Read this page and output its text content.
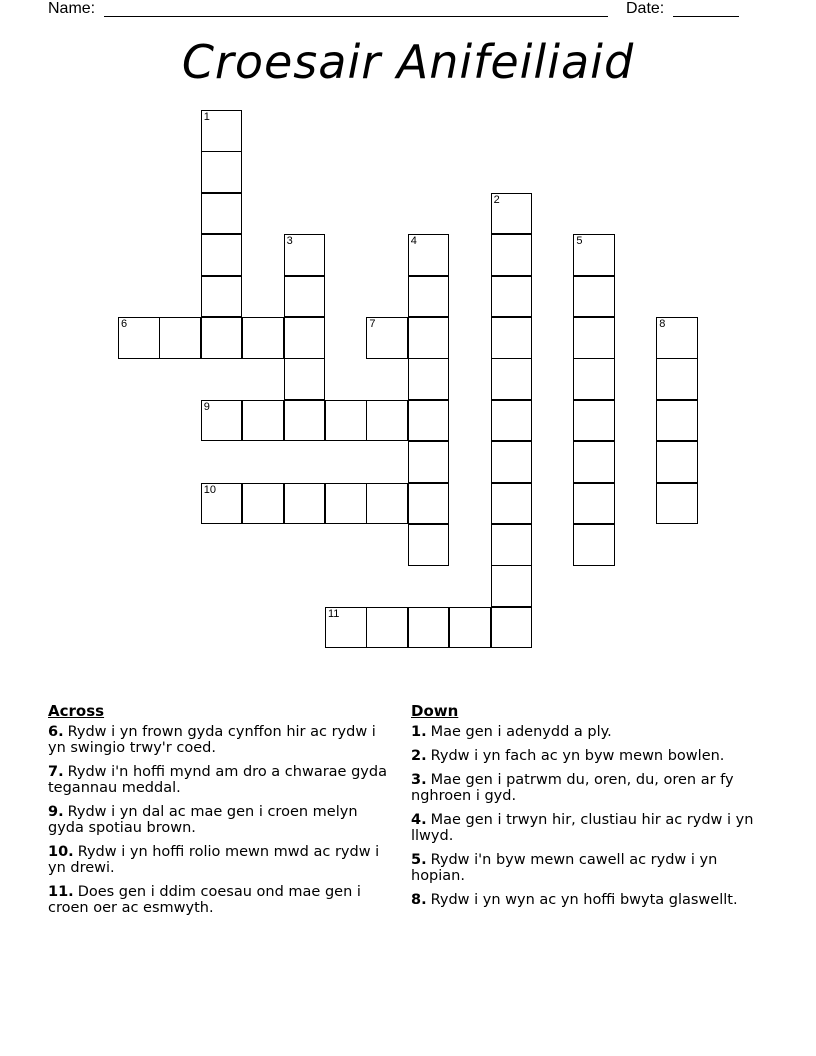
Name:	Date:
Croesair Anifeiliaid
1
6
3	4
7
9
10
2
5
8
11
Across
6. Rydw i yn frown gyda cynffon hir ac rydw i yn swingio trwy'r coed.
7. Rydw i'n hoffi mynd am dro a chwarae gyda tegannau meddal.
9. Rydw i yn dal ac mae gen i croen melyn gyda spotiau brown.
10. Rydw i yn hoffi rolio mewn mwd ac rydw i yn drewi.
11. Does gen i ddim coesau ond mae gen i croen oer ac esmwyth.
Down
1. Mae gen i adenydd a ply.
2. Rydw i yn fach ac yn byw mewn bowlen.
3. Mae gen i patrwm du, oren, du, oren ar fy nghroen i gyd.
4. Mae gen i trwyn hir, clustiau hir ac rydw i yn llwyd.
5. Rydw i'n byw mewn cawell ac rydw i yn hopian.
8. Rydw i yn wyn ac yn hoffi bwyta glaswellt.
